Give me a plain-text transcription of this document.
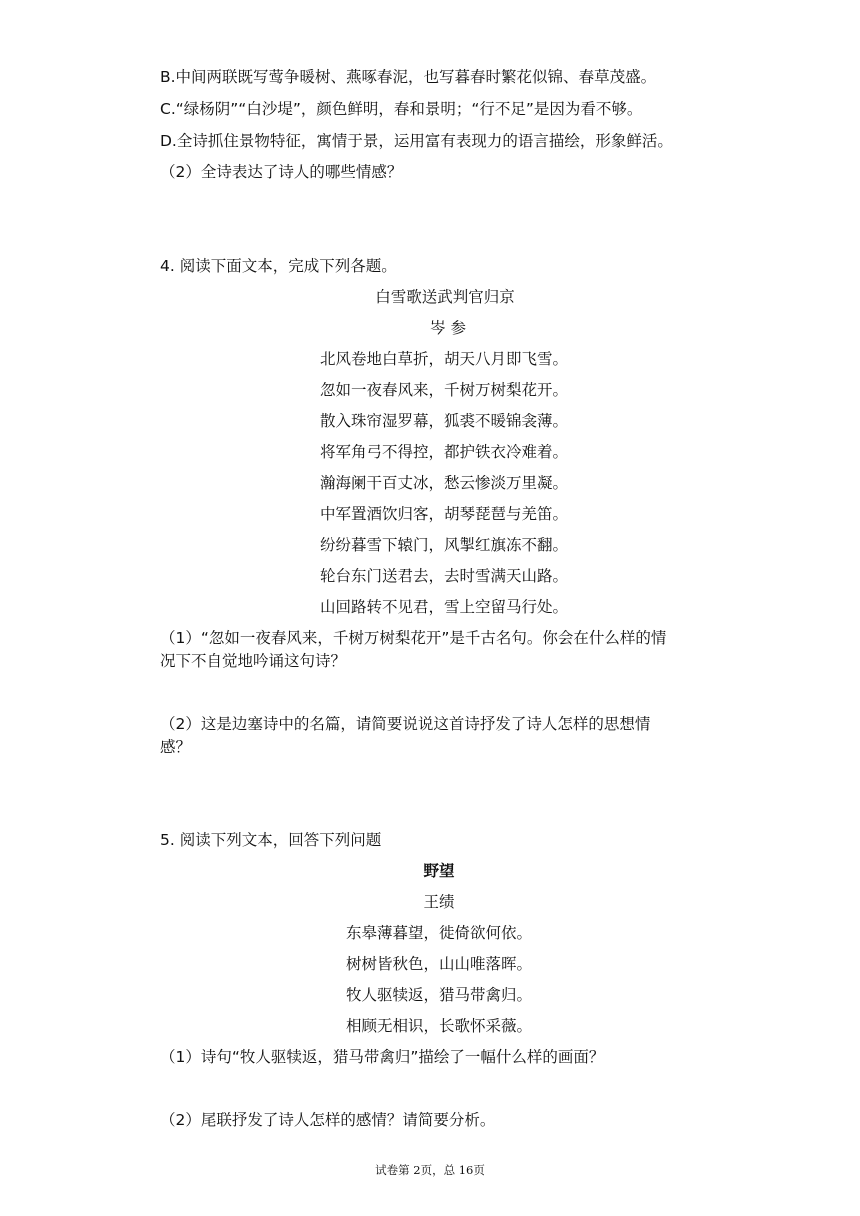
B.中间两联既写莺争暖树、燕啄春泥，也写暮春时繁花似锦、春草茂盛。
C.“绿杨阴”“白沙堤”，颜色鲜明，春和景明；“行不足”是因为看不够。
D.全诗抓住景物特征，寓情于景，运用富有表现力的语言描绘，形象鲜活。
（2）全诗表达了诗人的哪些情感？
4. 阅读下面文本，完成下列各题。
白雪歌送武判官归京
岑 参
北风卷地白草折，胡天八月即飞雪。
忽如一夜春风来，千树万树梨花开。
散入珠帘湿罗幕，狐裘不暖锦衾薄。
将军角弓不得控，都护铁衣冷难着。
瀚海阑干百丈冰，愁云惨淡万里凝。
中军置酒饮归客，胡琴琵琶与羌笛。
纷纷暮雪下辕门，风掣红旗冻不翻。
轮台东门送君去，去时雪满天山路。
山回路转不见君，雪上空留马行处。
（1）“忽如一夜春风来，千树万树梨花开”是千古名句。你会在什么样的情
况下不自觉地吟诵这句诗？
（2）这是边塞诗中的名篇，请简要说说这首诗抒发了诗人怎样的思想情
感？
5. 阅读下列文本，回答下列问题
野望
王绩
东皋薄暮望，徙倚欲何依。
树树皆秋色，山山唯落晖。
牧人驱犊返，猎马带禽归。
相顾无相识，长歌怀采薇。
（1）诗句“牧人驱犊返，猎马带禽归”描绘了一幅什么样的画面？
（2）尾联抒发了诗人怎样的感情？请简要分析。
试卷第 2页，总 16页
